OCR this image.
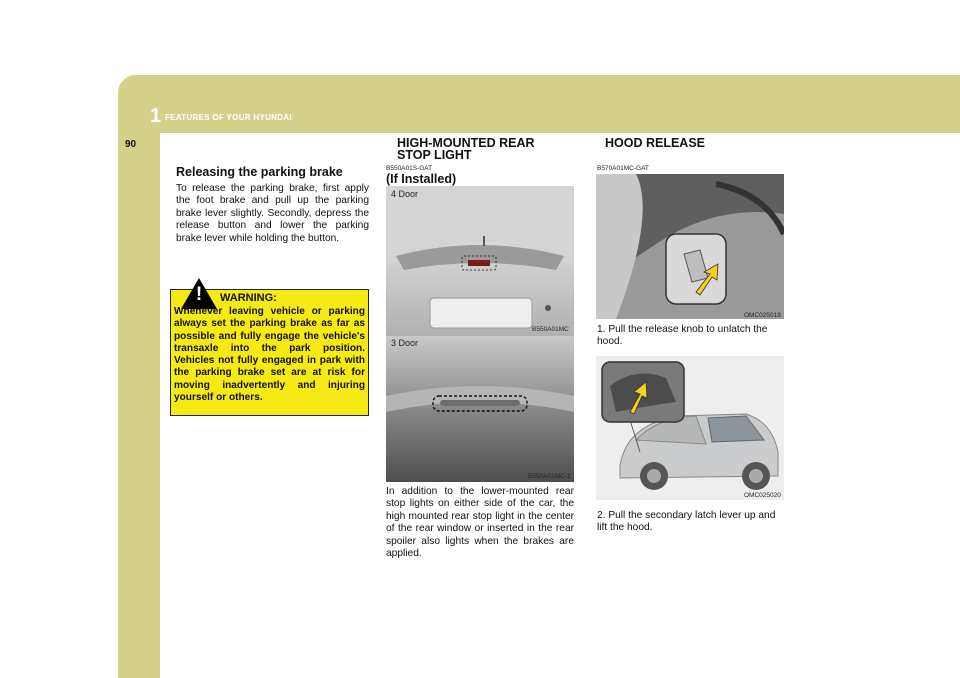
1 FEATURES OF YOUR HYUNDAI
90	HIGH-MOUNTED REAR
STOP LIGHT
HOOD RELEASE
Releasing the parking brake
To release the parking brake, first apply the foot brake and pull up the parking brake lever slightly. Secondly, depress the release button and lower the parking brake lever while holding the button.
! WARNING:
Whenever leaving vehicle or parking always set the parking brake as far as possible and fully engage the vehicle's transaxle into the park position. Vehicles not fully engaged in park with the parking brake set are at risk for moving inadvertently and injuring yourself or others.
B550A01S-GAT
(If Installed)
4 Door
B550A01MC
3 Door
B550A01MC-1
In addition to the lower-mounted rear stop lights on either side of the car, the high mounted rear stop light in the center of the rear window or inserted in the rear spoiler also lights when the brakes are applied.
B570A01MC-GAT
OMC025019
1. Pull the release knob to unlatch the hood.
OMC025020
2. Pull the secondary latch lever up and lift the hood.
